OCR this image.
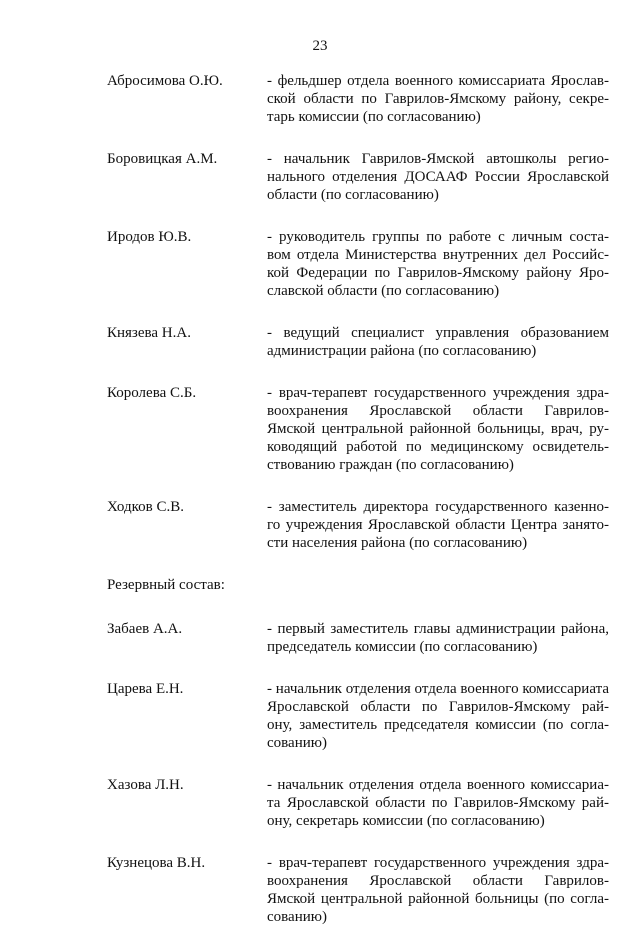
23
Абросимова О.Ю.	- фельдшер отдела военного комиссариата Ярослав-
ской области по Гаврилов-Ямскому району, секре-
тарь комиссии (по согласованию)
Боровицкая А.М.	- начальник Гаврилов-Ямской автошколы регио-
нального отделения ДОСААФ России Ярославской
области (по согласованию)
Иродов Ю.В.	- руководитель группы по работе с личным соста-
вом отдела Министерства внутренних дел Российс-
кой Федерации по Гаврилов-Ямскому району Яро-
славской области (по согласованию)
Князева Н.А.	- ведущий специалист управления образованием
администрации района (по согласованию)
Королева С.Б.	- врач-терапевт государственного учреждения здра-
воохранения Ярославской области Гаврилов-
Ямской центральной районной больницы, врач, ру-
ководящий работой по медицинскому освидетель-
ствованию граждан (по согласованию)
Ходков С.В.	- заместитель директора государственного казенно-
го учреждения Ярославской области Центра занято-
сти населения района (по согласованию)
Резервный состав:
Забаев А.А.	- первый заместитель главы администрации района,
председатель комиссии (по согласованию)
Царева Е.Н.	- начальник отделения отдела военного комиссариата
Ярославской области по Гаврилов-Ямскому рай-
ону, заместитель председателя комиссии (по согла-
сованию)
Хазова Л.Н.	- начальник отделения отдела военного комиссариа-
та Ярославской области по Гаврилов-Ямскому рай-
ону, секретарь комиссии (по согласованию)
Кузнецова В.Н.	- врач-терапевт государственного учреждения здра-
воохранения Ярославской области Гаврилов-
Ямской центральной районной больницы (по согла-
сованию)
